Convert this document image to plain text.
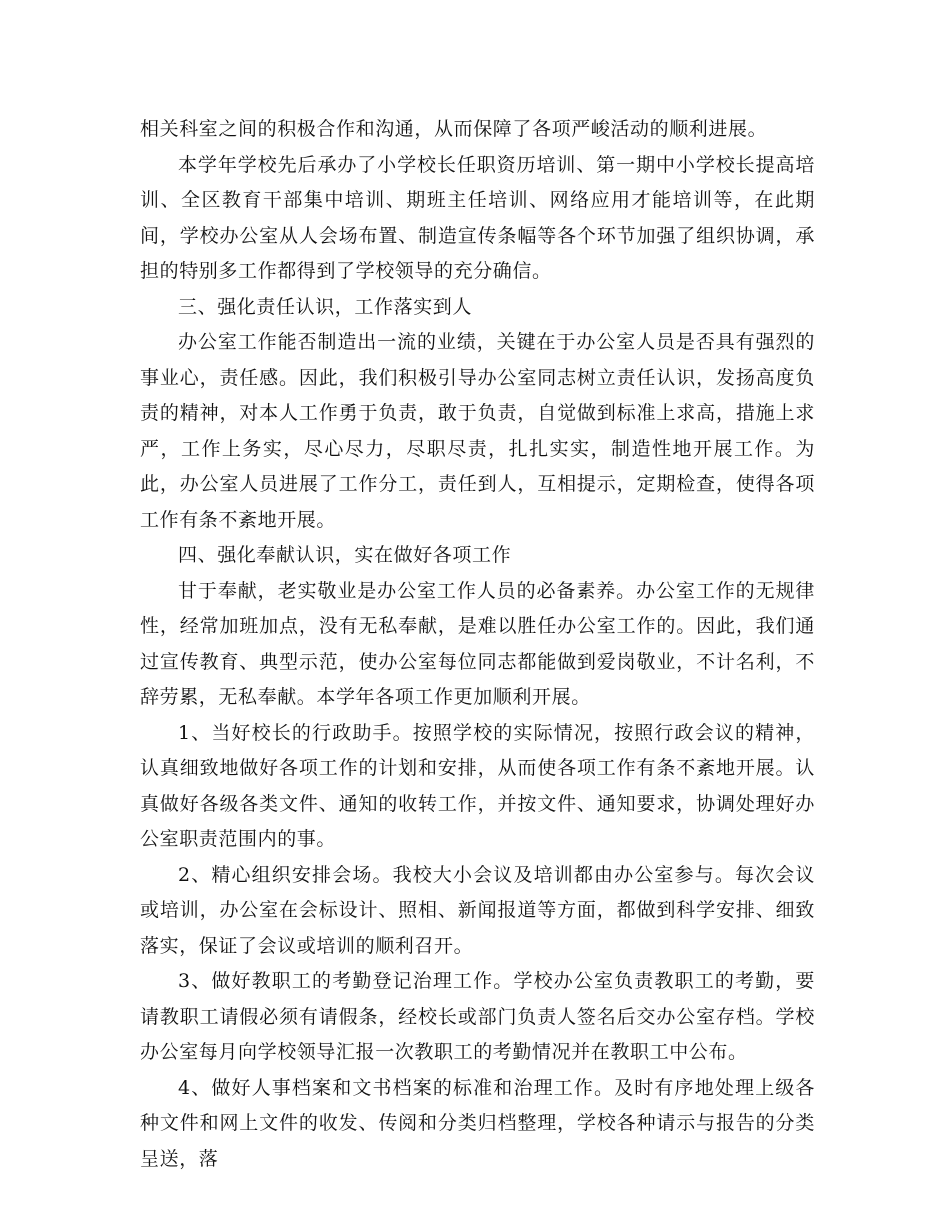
相关科室之间的积极合作和沟通，从而保障了各项严峻活动的顺利进展。

本学年学校先后承办了小学校长任职资历培训、第一期中小学校长提高培训、全区教育干部集中培训、期班主任培训、网络应用才能培训等，在此期间，学校办公室从人会场布置、制造宣传条幅等各个环节加强了组织协调，承担的特别多工作都得到了学校领导的充分确信。

三、强化责任认识，工作落实到人

办公室工作能否制造出一流的业绩，关键在于办公室人员是否具有强烈的事业心，责任感。因此，我们积极引导办公室同志树立责任认识，发扬高度负责的精神，对本人工作勇于负责，敢于负责，自觉做到标准上求高，措施上求严，工作上务实，尽心尽力，尽职尽责，扎扎实实，制造性地开展工作。为此，办公室人员进展了工作分工，责任到人，互相提示，定期检查，使得各项工作有条不紊地开展。

四、强化奉献认识，实在做好各项工作

甘于奉献，老实敬业是办公室工作人员的必备素养。办公室工作的无规律性，经常加班加点，没有无私奉献，是难以胜任办公室工作的。因此，我们通过宣传教育、典型示范，使办公室每位同志都能做到爱岗敬业，不计名利，不辞劳累，无私奉献。本学年各项工作更加顺利开展。

1、当好校长的行政助手。按照学校的实际情况，按照行政会议的精神，认真细致地做好各项工作的计划和安排，从而使各项工作有条不紊地开展。认真做好各级各类文件、通知的收转工作，并按文件、通知要求，协调处理好办公室职责范围内的事。

2、精心组织安排会场。我校大小会议及培训都由办公室参与。每次会议或培训，办公室在会标设计、照相、新闻报道等方面，都做到科学安排、细致落实，保证了会议或培训的顺利召开。

3、做好教职工的考勤登记治理工作。学校办公室负责教职工的考勤，要请教职工请假必须有请假条，经校长或部门负责人签名后交办公室存档。学校办公室每月向学校领导汇报一次教职工的考勤情况并在教职工中公布。

4、做好人事档案和文书档案的标准和治理工作。及时有序地处理上级各种文件和网上文件的收发、传阅和分类归档整理，学校各种请示与报告的分类呈送，落
